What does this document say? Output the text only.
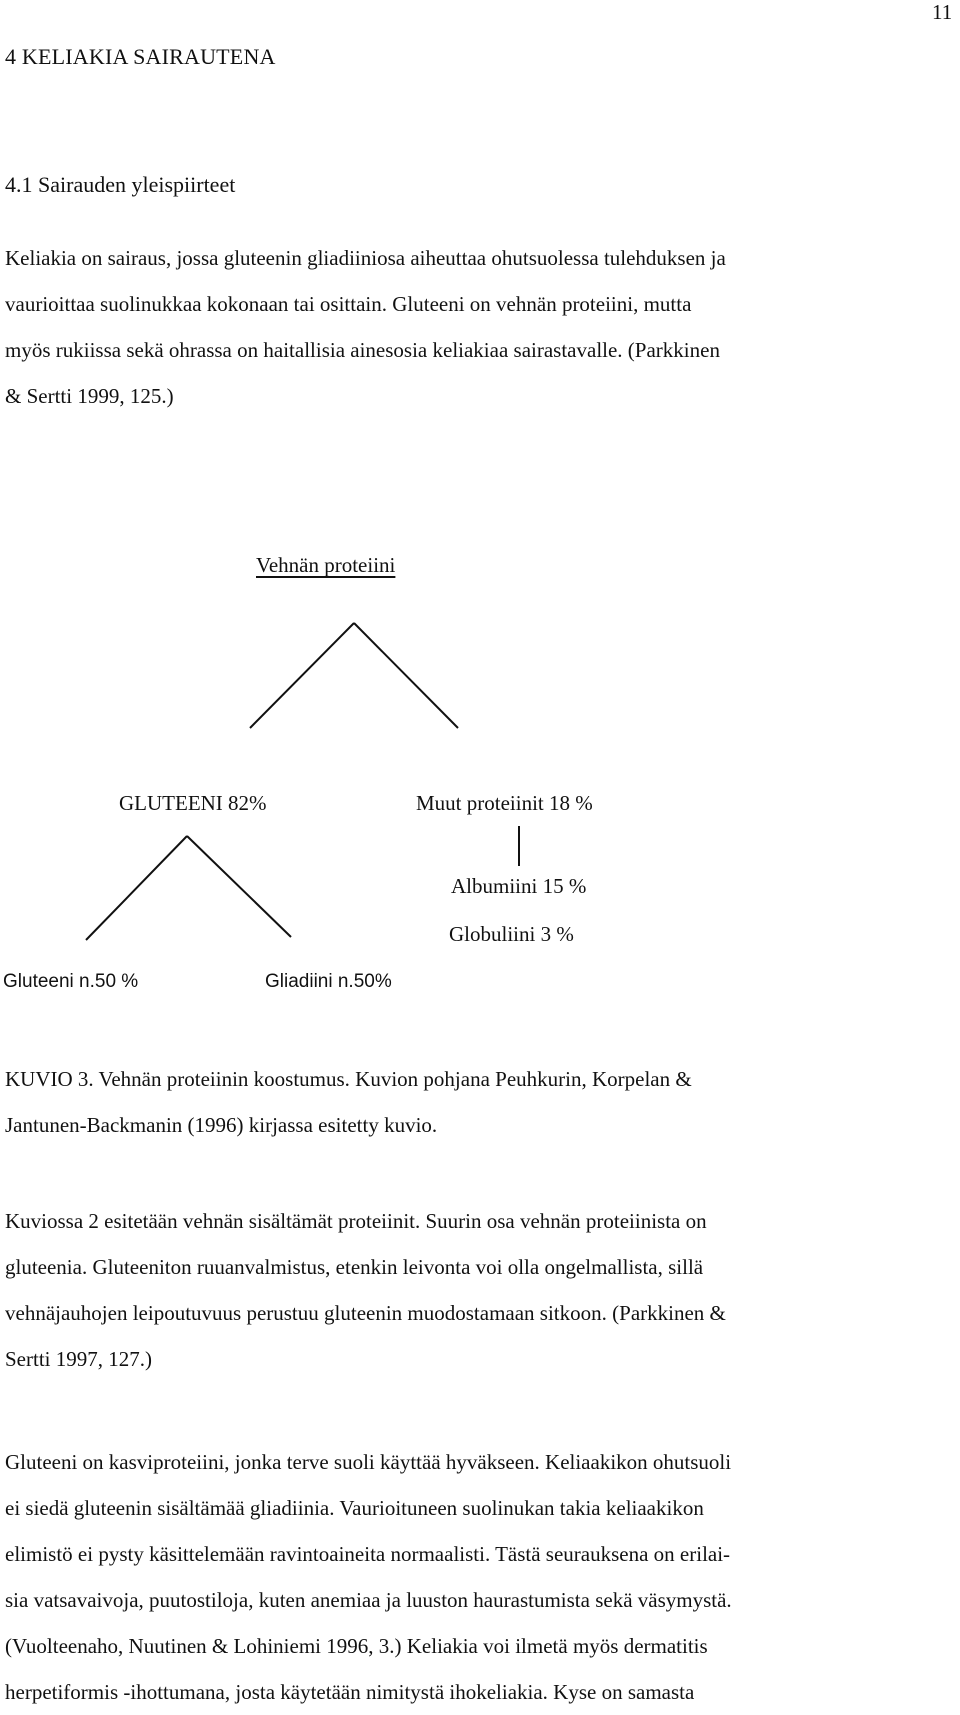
11
4 KELIAKIA SAIRAUTENA
4.1 Sairauden yleispiirteet
Keliakia on sairaus, jossa gluteenin gliadiiniosa aiheuttaa ohutsuolessa tulehduksen ja
vaurioittaa suolinukkaa kokonaan tai osittain. Gluteeni on vehnän proteiini, mutta
myös rukiissa sekä ohrassa on haitallisia ainesosia keliakiaa sairastavalle. (Parkkinen
& Sertti 1999, 125.)
Vehnän proteiini
GLUTEENI 82%	Muut proteiinit 18 %
Albumiini 15 %
Globuliini 3 %
Gluteeni n.50 %	Gliadiini n.50%
KUVIO 3. Vehnän proteiinin koostumus. Kuvion pohjana Peuhkurin, Korpelan &
Jantunen-Backmanin (1996) kirjassa esitetty kuvio.
Kuviossa 2 esitetään vehnän sisältämät proteiinit. Suurin osa vehnän proteiinista on
gluteenia. Gluteeniton ruuanvalmistus, etenkin leivonta voi olla ongelmallista, sillä
vehnäjauhojen leipoutuvuus perustuu gluteenin muodostamaan sitkoon. (Parkkinen &
Sertti 1997, 127.)
Gluteeni on kasviproteiini, jonka terve suoli käyttää hyväkseen. Keliaakikon ohutsuoli
ei siedä gluteenin sisältämää gliadiinia. Vaurioituneen suolinukan takia keliaakikon
elimistö ei pysty käsittelemään ravintoaineita normaalisti. Tästä seurauksena on erilai-
sia vatsavaivoja, puutostiloja, kuten anemiaa ja luuston haurastumista sekä väsymystä.
(Vuolteenaho, Nuutinen & Lohiniemi 1996, 3.) Keliakia voi ilmetä myös dermatitis
herpetiformis -ihottumana, josta käytetään nimitystä ihokeliakia. Kyse on samasta
